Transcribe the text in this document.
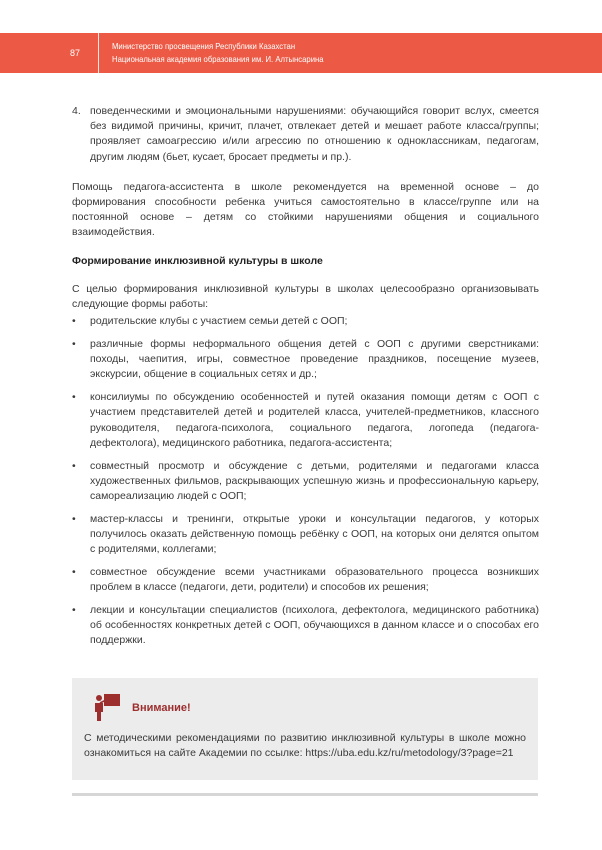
87
Министерство просвещения Республики Казахстан
Национальная академия образования им. И. Алтынсарина
4. поведенческими и эмоциональными нарушениями: обучающийся говорит вслух, смеется без видимой причины, кричит, плачет, отвлекает детей и мешает работе класса/группы; проявляет самоагрессию и/или агрессию по отношению к одноклассникам, педагогам, другим людям (бьет, кусает, бросает предметы и пр.).

Помощь педагога-ассистента в школе рекомендуется на временной основе – до формирования способности ребенка учиться самостоятельно в классе/группе или на постоянной основе – детям со стойкими нарушениями общения и социального взаимодействия.

Формирование инклюзивной культуры в школе

С целью формирования инклюзивной культуры в школах целесообразно организовывать следующие формы работы:

• родительские клубы с участием семьи детей с ООП;
• различные формы неформального общения детей с ООП с другими сверстниками: походы, чаепития, игры, совместное проведение праздников, посещение музеев, экскурсии, общение в социальных сетях и др.;
• консилиумы по обсуждению особенностей и путей оказания помощи детям с ООП с участием представителей детей и родителей класса, учителей-предметников, классного руководителя, педагога-психолога, социального педагога, логопеда (педагога-дефектолога), медицинского работника, педагога-ассистента;
• совместный просмотр и обсуждение с детьми, родителями и педагогами класса художественных фильмов, раскрывающих успешную жизнь и профессиональную карьеру, самореализацию людей с ООП;
• мастер-классы и тренинги, открытые уроки и консультации педагогов, у которых получилось оказать действенную помощь ребёнку с ООП, на которых они делятся опытом с родителями, коллегами;
• совместное обсуждение всеми участниками образовательного процесса возникших проблем в классе (педагоги, дети, родители) и способов их решения;
• лекции и консультации специалистов (психолога, дефектолога, медицинского работника) об особенностях конкретных детей с ООП, обучающихся в данном классе и о способах его поддержки.
Внимание!
С методическими рекомендациями по развитию инклюзивной культуры в школе можно ознакомиться на сайте Академии по ссылке: https://uba.edu.kz/ru/metodology/3?page=21
